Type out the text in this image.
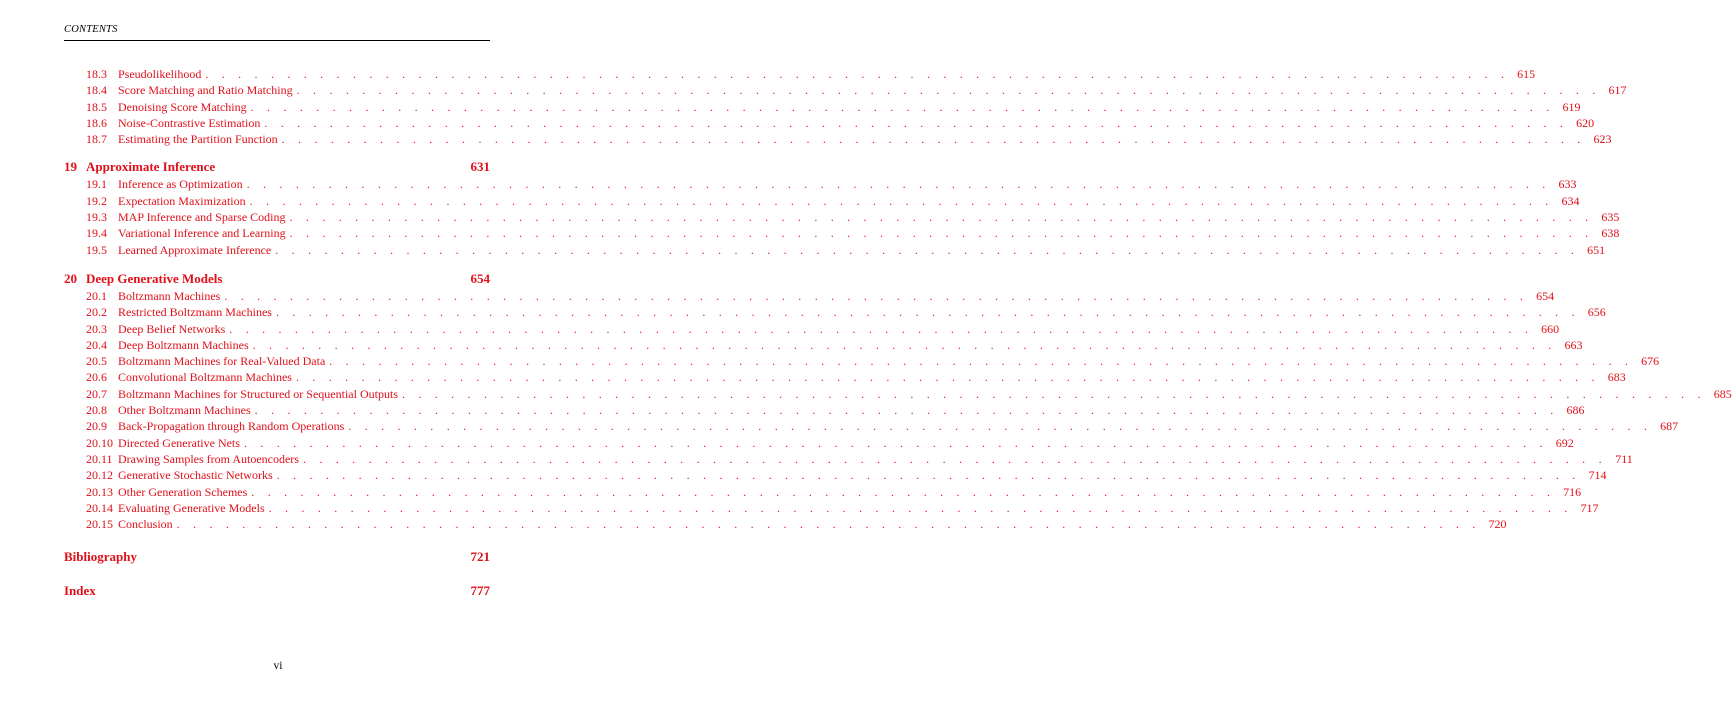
CONTENTS
18.3 Pseudolikelihood . . . . . . . . . . . . . . . . . . . . . . . . . . . . . . . . . . . . . . . . . . . . . . . . . . . . . . . . . . . . . . . . . . . . . . . . . . . . . . . . 615
18.4 Score Matching and Ratio Matching . . . . . . . . . . . . . . . . . . . . . . . . . . . . . . . . . . . . . . . . . . . . . . . . . . . . . . . . . . . . . . . . . . . . . . . . . . . . . . . . 617
18.5 Denoising Score Matching . . . . . . . . . . . . . . . . . . . . . . . . . . . . . . . . . . . . . . . . . . . . . . . . . . . . . . . . . . . . . . . . . . . . . . . . . . . . . . . . 619
18.6 Noise-Contrastive Estimation . . . . . . . . . . . . . . . . . . . . . . . . . . . . . . . . . . . . . . . . . . . . . . . . . . . . . . . . . . . . . . . . . . . . . . . . . . . . . . . . 620
18.7 Estimating the Partition Function . . . . . . . . . . . . . . . . . . . . . . . . . . . . . . . . . . . . . . . . . . . . . . . . . . . . . . . . . . . . . . . . . . . . . . . . . . . . . . . . 623
19 Approximate Inference	631
19.1 Inference as Optimization . . . . . . . . . . . . . . . . . . . . . . . . . . . . . . . . . . . . . . . . . . . . . . . . . . . . . . . . . . . . . . . . . . . . . . . . . . . . . . . . 633
19.2 Expectation Maximization . . . . . . . . . . . . . . . . . . . . . . . . . . . . . . . . . . . . . . . . . . . . . . . . . . . . . . . . . . . . . . . . . . . . . . . . . . . . . . . . 634
19.3 MAP Inference and Sparse Coding . . . . . . . . . . . . . . . . . . . . . . . . . . . . . . . . . . . . . . . . . . . . . . . . . . . . . . . . . . . . . . . . . . . . . . . . . . . . . . . . 635
19.4 Variational Inference and Learning . . . . . . . . . . . . . . . . . . . . . . . . . . . . . . . . . . . . . . . . . . . . . . . . . . . . . . . . . . . . . . . . . . . . . . . . . . . . . . . . 638
19.5 Learned Approximate Inference . . . . . . . . . . . . . . . . . . . . . . . . . . . . . . . . . . . . . . . . . . . . . . . . . . . . . . . . . . . . . . . . . . . . . . . . . . . . . . . . 651
20 Deep Generative Models	654
20.1 Boltzmann Machines . . . . . . . . . . . . . . . . . . . . . . . . . . . . . . . . . . . . . . . . . . . . . . . . . . . . . . . . . . . . . . . . . . . . . . . . . . . . . . . . 654
20.2 Restricted Boltzmann Machines . . . . . . . . . . . . . . . . . . . . . . . . . . . . . . . . . . . . . . . . . . . . . . . . . . . . . . . . . . . . . . . . . . . . . . . . . . . . . . . . 656
20.3 Deep Belief Networks . . . . . . . . . . . . . . . . . . . . . . . . . . . . . . . . . . . . . . . . . . . . . . . . . . . . . . . . . . . . . . . . . . . . . . . . . . . . . . . . 660
20.4 Deep Boltzmann Machines . . . . . . . . . . . . . . . . . . . . . . . . . . . . . . . . . . . . . . . . . . . . . . . . . . . . . . . . . . . . . . . . . . . . . . . . . . . . . . . . 663
20.5 Boltzmann Machines for Real-Valued Data . . . . . . . . . . . . . . . . . . . . . . . . . . . . . . . . . . . . . . . . . . . . . . . . . . . . . . . . . . . . . . . . . . . . . . . . . . . . . . . . 676
20.6 Convolutional Boltzmann Machines . . . . . . . . . . . . . . . . . . . . . . . . . . . . . . . . . . . . . . . . . . . . . . . . . . . . . . . . . . . . . . . . . . . . . . . . . . . . . . . . 683
20.7 Boltzmann Machines for Structured or Sequential Outputs . . . . . . . . . . . . . . . . . . . . . . . . . . . . . . . . . . . . . . . . . . . . . . . . . . . . . . . . . . . . . . . . . . . . . . . . . . . . . . . . 685
20.8 Other Boltzmann Machines . . . . . . . . . . . . . . . . . . . . . . . . . . . . . . . . . . . . . . . . . . . . . . . . . . . . . . . . . . . . . . . . . . . . . . . . . . . . . . . . 686
20.9 Back-Propagation through Random Operations . . . . . . . . . . . . . . . . . . . . . . . . . . . . . . . . . . . . . . . . . . . . . . . . . . . . . . . . . . . . . . . . . . . . . . . . . . . . . . . . 687
20.10 Directed Generative Nets . . . . . . . . . . . . . . . . . . . . . . . . . . . . . . . . . . . . . . . . . . . . . . . . . . . . . . . . . . . . . . . . . . . . . . . . . . . . . . . . 692
20.11 Drawing Samples from Autoencoders . . . . . . . . . . . . . . . . . . . . . . . . . . . . . . . . . . . . . . . . . . . . . . . . . . . . . . . . . . . . . . . . . . . . . . . . . . . . . . . . 711
20.12 Generative Stochastic Networks . . . . . . . . . . . . . . . . . . . . . . . . . . . . . . . . . . . . . . . . . . . . . . . . . . . . . . . . . . . . . . . . . . . . . . . . . . . . . . . . 714
20.13 Other Generation Schemes . . . . . . . . . . . . . . . . . . . . . . . . . . . . . . . . . . . . . . . . . . . . . . . . . . . . . . . . . . . . . . . . . . . . . . . . . . . . . . . . 716
20.14 Evaluating Generative Models . . . . . . . . . . . . . . . . . . . . . . . . . . . . . . . . . . . . . . . . . . . . . . . . . . . . . . . . . . . . . . . . . . . . . . . . . . . . . . . . 717
20.15 Conclusion . . . . . . . . . . . . . . . . . . . . . . . . . . . . . . . . . . . . . . . . . . . . . . . . . . . . . . . . . . . . . . . . . . . . . . . . . . . . . . . . 720
Bibliography	721
Index	777
vi
